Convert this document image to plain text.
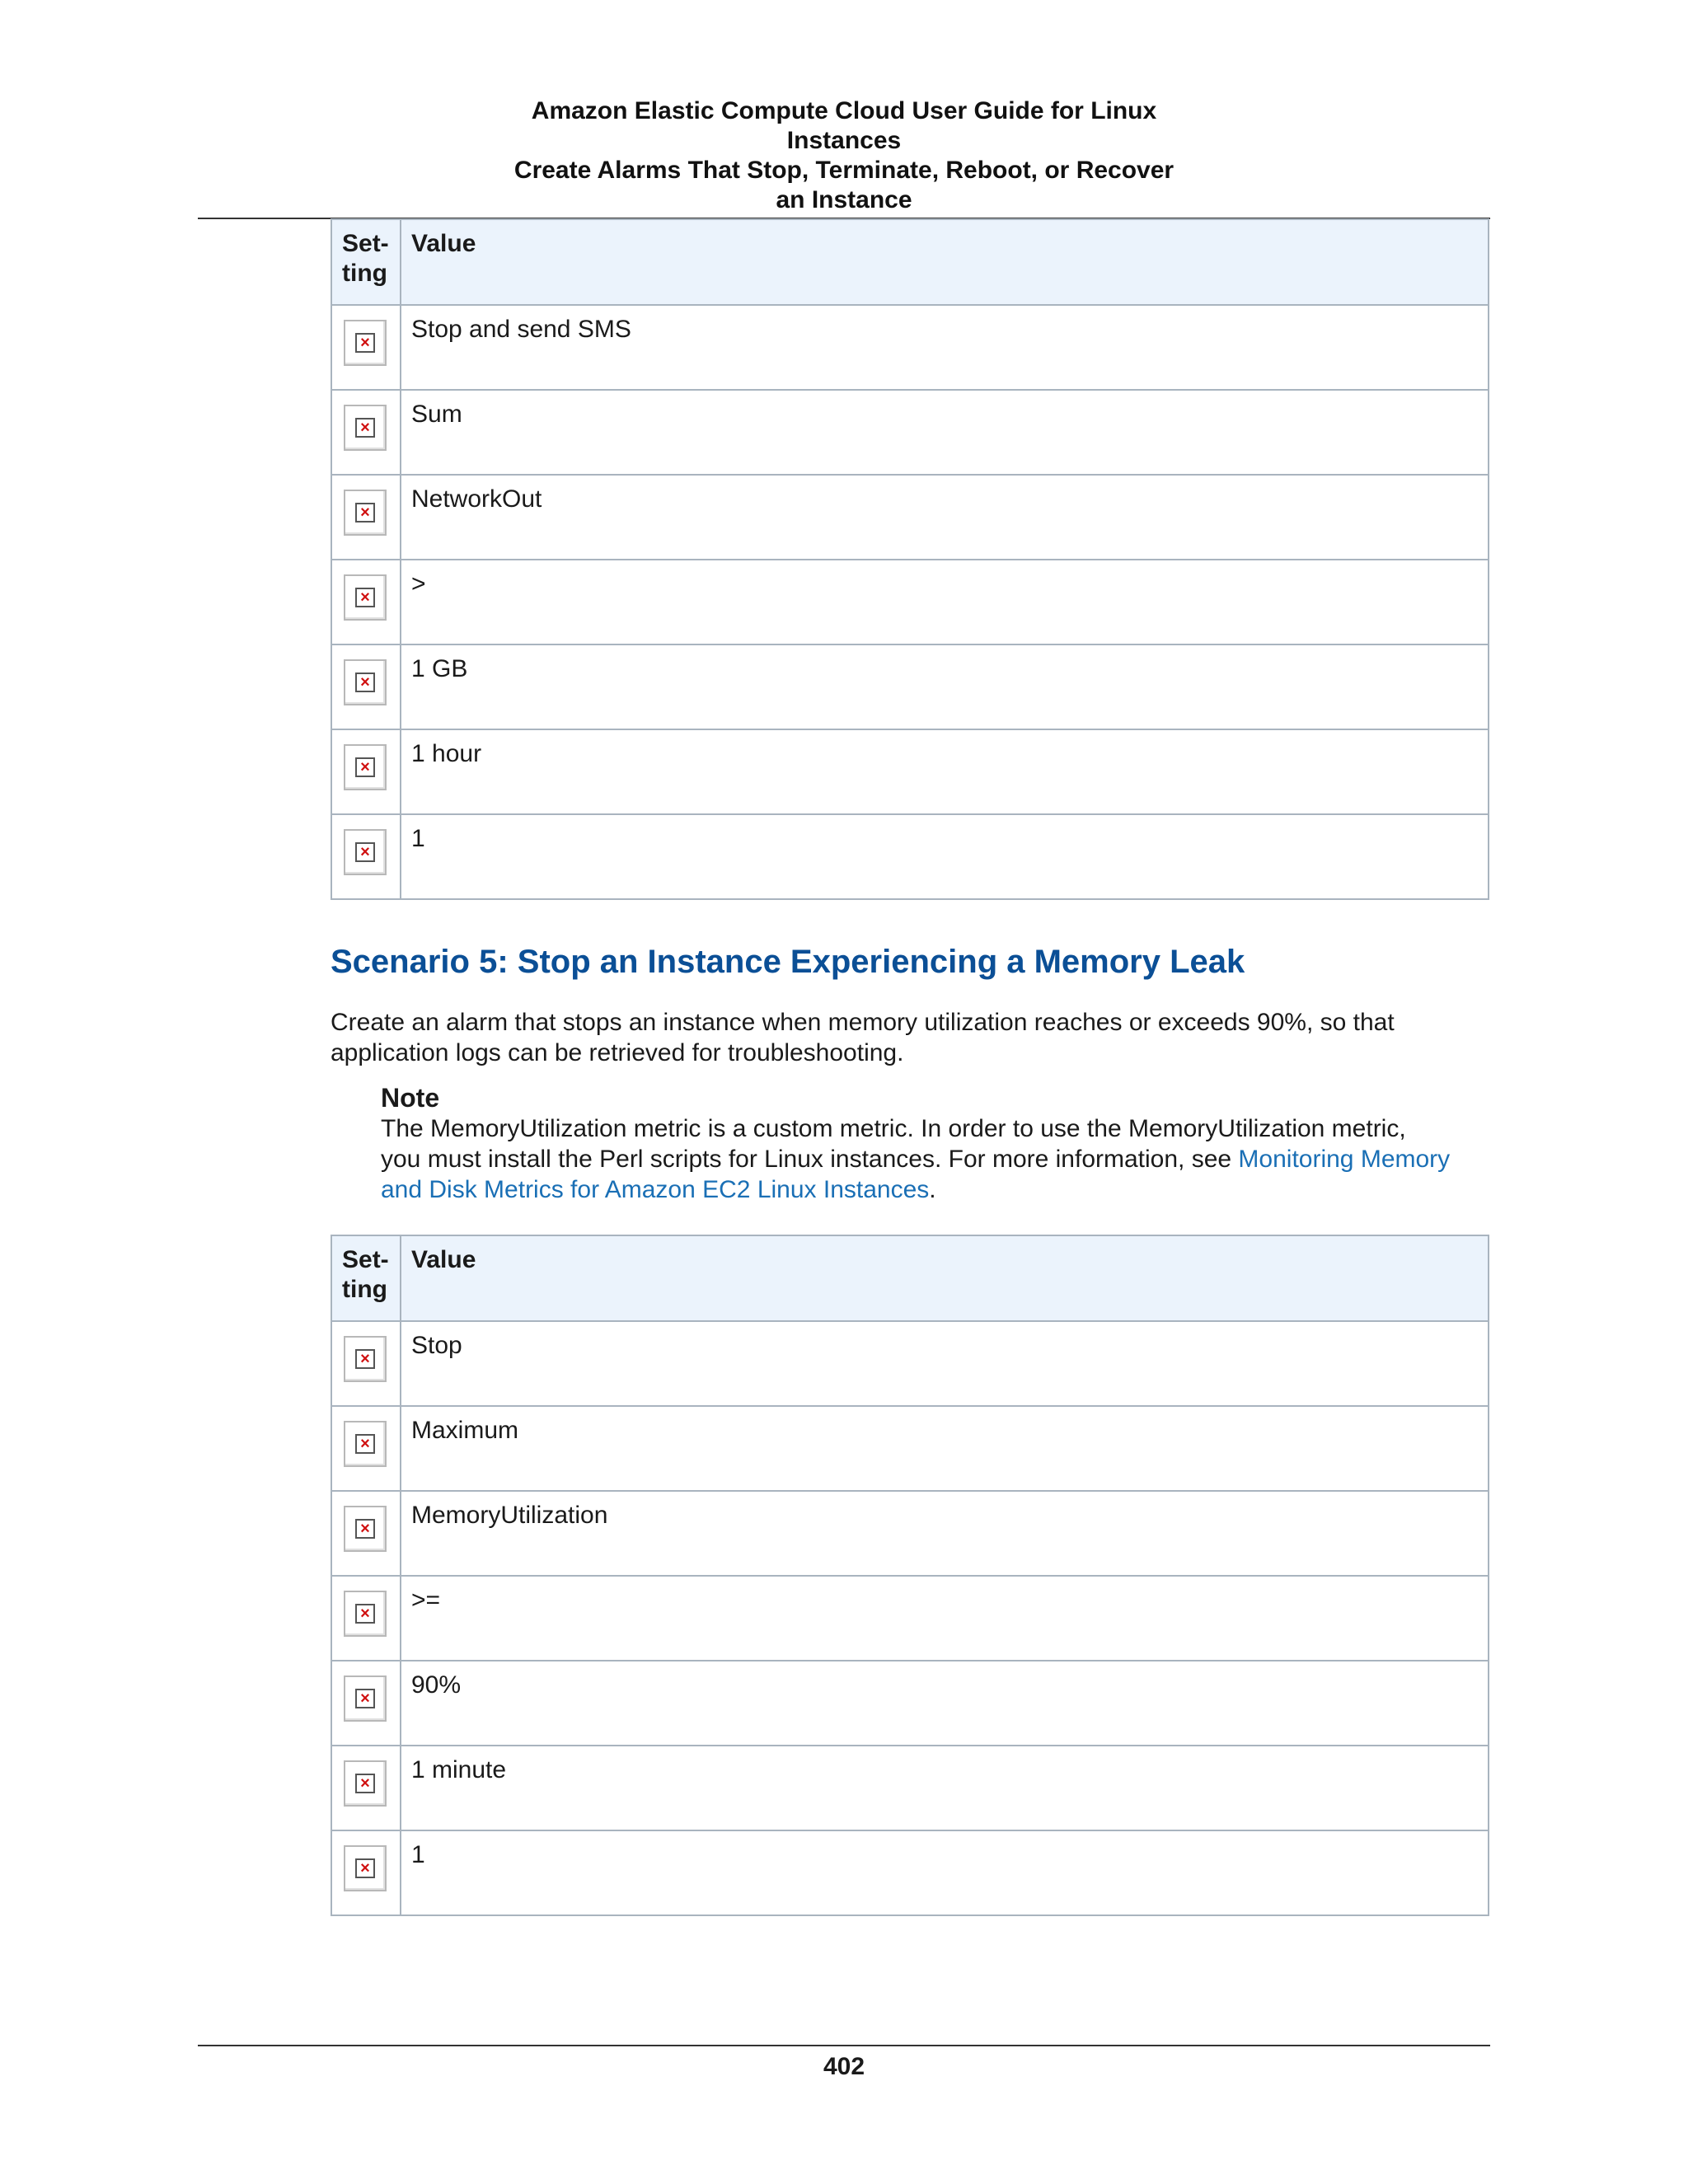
Amazon Elastic Compute Cloud User Guide for Linux
Instances
Create Alarms That Stop, Terminate, Reboot, or Recover
an Instance
Set-
ting	Value

×	Stop and send SMS

×	Sum

×	NetworkOut

×	>

×	1 GB

×	1 hour

×	1
Scenario 5: Stop an Instance Experiencing a Memory Leak
Create an alarm that stops an instance when memory utilization reaches or exceeds 90%, so that application logs can be retrieved for troubleshooting.
Note
The MemoryUtilization metric is a custom metric. In order to use the MemoryUtilization metric, you must install the Perl scripts for Linux instances. For more information, see Monitoring Memory and Disk Metrics for Amazon EC2 Linux Instances.
Set-
ting	Value

×	Stop

×	Maximum

×	MemoryUtilization

×	>=

×	90%

×	1 minute

×	1
402
